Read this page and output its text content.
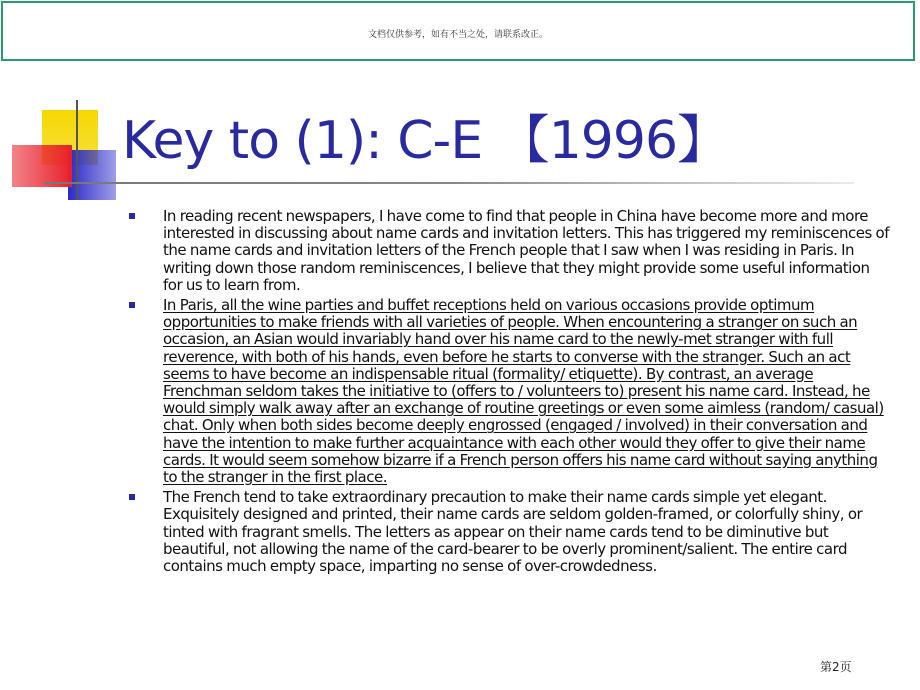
文档仅供参考，如有不当之处，请联系改正。
Key to (1): C-E 【1996】
In reading recent newspapers, I have come to find that people in China have become more and more interested in discussing about name cards and invitation letters. This has triggered my reminiscences of the name cards and invitation letters of the French people that I saw when I was residing in Paris. In writing down those random reminiscences, I believe that they might provide some useful information for us to learn from.
In Paris, all the wine parties and buffet receptions held on various occasions provide optimum opportunities to make friends with all varieties of people. When encountering a stranger on such an occasion, an Asian would invariably hand over his name card to the newly-met stranger with full reverence, with both of his hands, even before he starts to converse with the stranger. Such an act seems to have become an indispensable ritual (formality/ etiquette). By contrast, an average Frenchman seldom takes the initiative to (offers to / volunteers to) present his name card. Instead, he would simply walk away after an exchange of routine greetings or even some aimless (random/ casual) chat. Only when both sides become deeply engrossed (engaged / involved) in their conversation and have the intention to make further acquaintance with each other would they offer to give their name cards. It would seem somehow bizarre if a French person offers his name card without saying anything to the stranger in the first place.
The French tend to take extraordinary precaution to make their name cards simple yet elegant. Exquisitely designed and printed, their name cards are seldom golden-framed, or colorfully shiny, or tinted with fragrant smells. The letters as appear on their name cards tend to be diminutive but beautiful, not allowing the name of the card-bearer to be overly prominent/salient. The entire card contains much empty space, imparting no sense of over-crowdedness.
第2页
